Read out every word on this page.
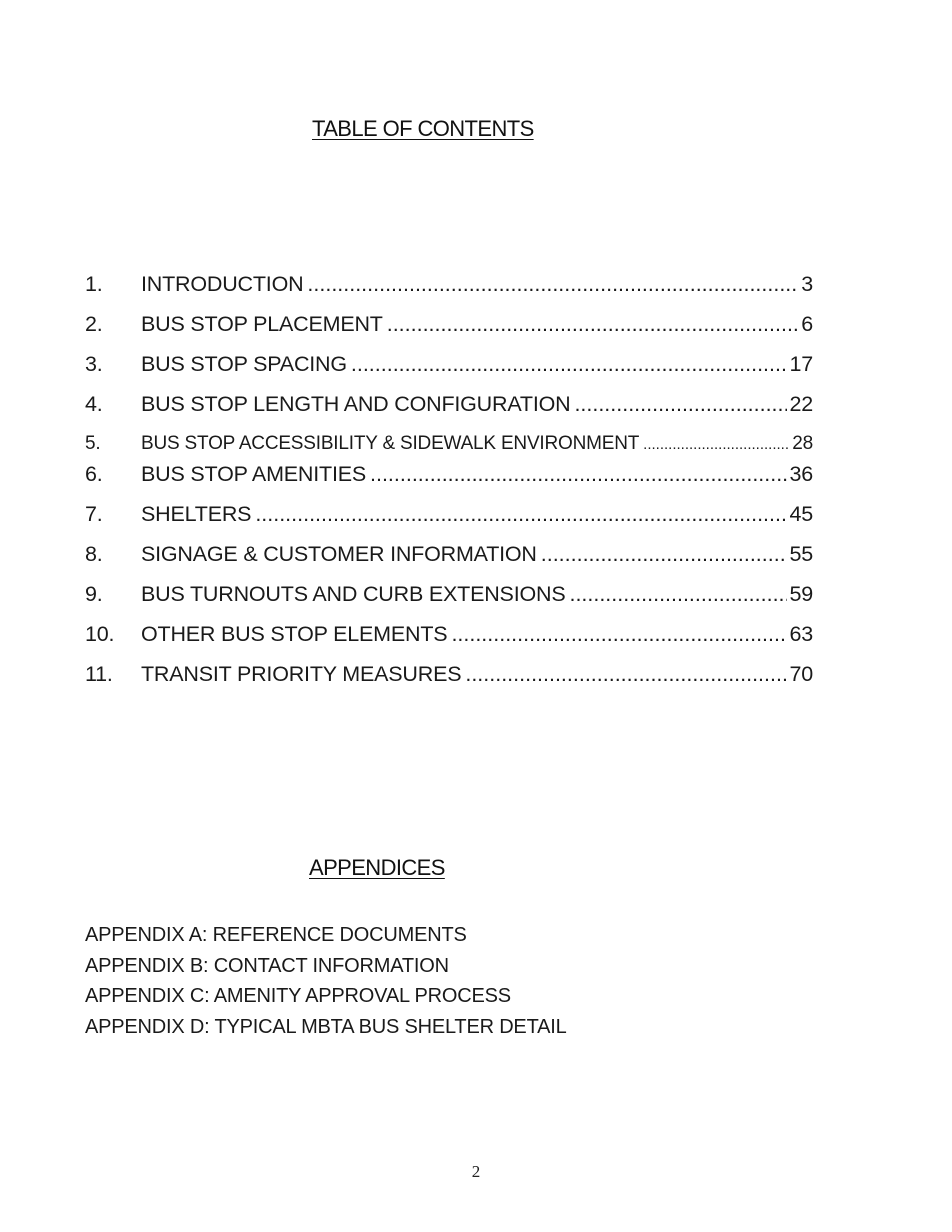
TABLE OF CONTENTS
1.	INTRODUCTION .....	3
2.	BUS STOP PLACEMENT .....	6
3.	BUS STOP SPACING .....	17
4.	BUS STOP LENGTH AND CONFIGURATION .....	22
5.	BUS STOP ACCESSIBILITY & SIDEWALK ENVIRONMENT .....	28
6.	BUS STOP AMENITIES .....	36
7.	SHELTERS .....	45
8.	SIGNAGE & CUSTOMER INFORMATION .....	55
9.	BUS TURNOUTS AND CURB EXTENSIONS .....	59
10.	OTHER BUS STOP ELEMENTS .....	63
11.	TRANSIT PRIORITY MEASURES .....	70
APPENDICES
APPENDIX A: REFERENCE DOCUMENTS
APPENDIX B: CONTACT INFORMATION
APPENDIX C: AMENITY APPROVAL PROCESS
APPENDIX D: TYPICAL MBTA BUS SHELTER DETAIL
2
